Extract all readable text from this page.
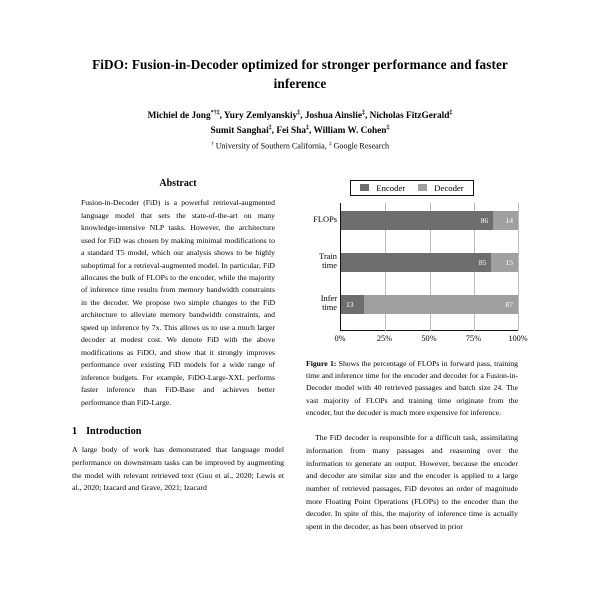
FiDO: Fusion-in-Decoder optimized for stronger performance and faster inference
Michiel de Jong*†‡, Yury Zemlyanskiy‡, Joshua Ainslie‡, Nicholas FitzGerald‡
Sumit Sanghai‡, Fei Sha‡, William W. Cohen‡
† University of Southern California, ‡ Google Research
Abstract

Fusion-in-Decoder (FiD) is a powerful retrieval-augmented language model that sets the state-of-the-art on many knowledge-intensive NLP tasks. However, the architecture used for FiD was chosen by making minimal modifications to a standard T5 model, which our analysis shows to be highly suboptimal for a retrieval-augmented model. In particular, FiD allocates the bulk of FLOPs to the encoder, while the majority of inference time results from memory bandwidth constraints in the decoder. We propose two simple changes to the FiD architecture to alleviate memory bandwidth constraints, and speed up inference by 7x. This allows us to use a much larger decoder at modest cost. We denote FiD with the above modifications as FiDO, and show that it strongly improves performance over existing FiD models for a wide range of inference budgets. For example, FiDO-Large-XXL performs faster inference than FiD-Base and achieves better performance than FiD-Large.

1 Introduction

A large body of work has demonstrated that language model performance on downstream tasks can be improved by augmenting the model with relevant retrieved text (Guu et al., 2020; Lewis et al., 2020; Izacard and Grave, 2021; Izacard

Encoder	Decoder
FLOPs	86	14
Train
time	85	15
Infer
time	13	87
0%	25%	50%	75%	100%

Figure 1: Shows the percentage of FLOPs in forward pass, training time and inference time for the encoder and decoder for a Fusion-in-Decoder model with 40 retrieved passages and batch size 24. The vast majority of FLOPs and training time originate from the encoder, but the decoder is much more expensive for inference.

The FiD decoder is responsible for a difficult task, assimilating information from many passages and reasoning over the information to generate an output. However, because the encoder and decoder are similar size and the encoder is applied to a large number of retrieved passages, FiD devotes an order of magnitude more Floating Point Operations (FLOPs) to the encoder than the decoder. In spite of this, the majority of inference time is actually spent in the decoder, as has been observed in prior
